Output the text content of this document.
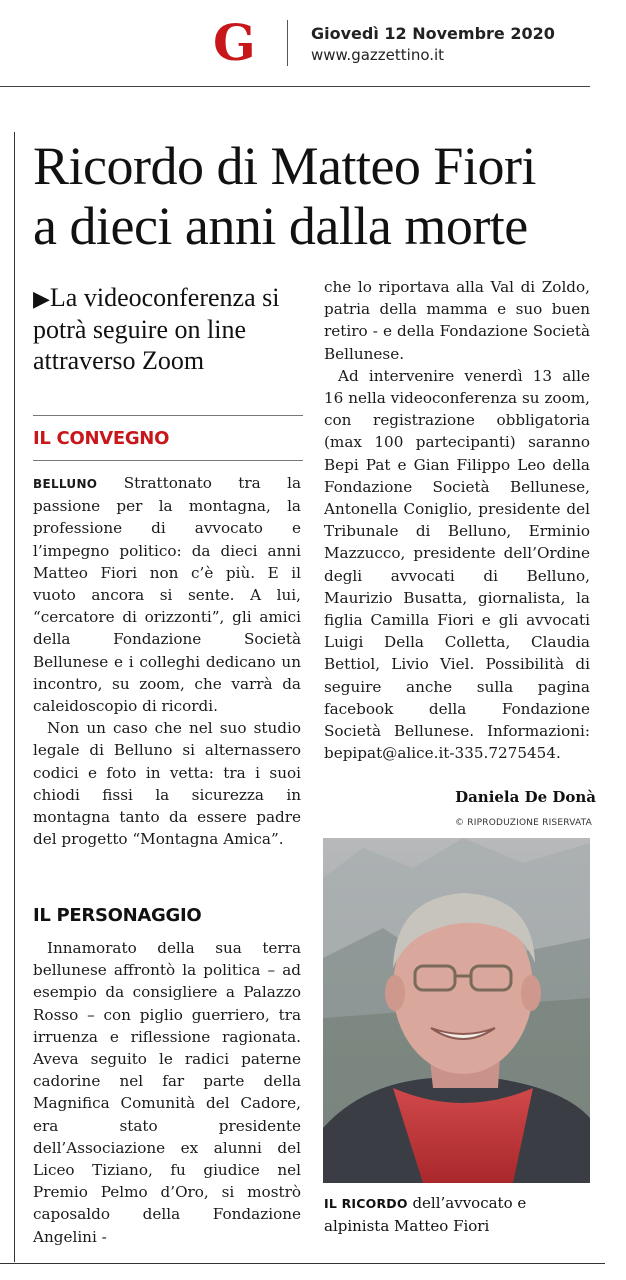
G	Giovedì 12 Novembre 2020
www.gazzettino.it
Ricordo di Matteo Fiori
a dieci anni dalla morte
▶La videoconferenza si potrà seguire on line attraverso Zoom
IL CONVEGNO

BELLUNO Strattonato tra la passione per la montagna, la professione di avvocato e l’impegno politico: da dieci anni Matteo Fiori non c’è più. E il vuoto ancora si sente. A lui, “cercatore di orizzonti”, gli amici della Fondazione Società Bellunese e i colleghi dedicano un incontro, su zoom, che varrà da caleidoscopio di ricordi.

Non un caso che nel suo studio legale di Belluno si alternassero codici e foto in vetta: tra i suoi chiodi fissi la sicurezza in montagna tanto da essere padre del progetto “Montagna Amica”.

IL PERSONAGGIO

Innamorato della sua terra bellunese affrontò la politica – ad esempio da consigliere a Palazzo Rosso – con piglio guerriero, tra irruenza e riflessione ragionata. Aveva seguito le radici paterne cadorine nel far parte della Magnifica Comunità del Cadore, era stato presidente dell’Associazione ex alunni del Liceo Tiziano, fu giudice nel Premio Pelmo d’Oro, si mostrò caposaldo della Fondazione Angelini -

che lo riportava alla Val di Zoldo, patria della mamma e suo buen retiro - e della Fondazione Società Bellunese.

Ad intervenire venerdì 13 alle 16 nella videoconferenza su zoom, con registrazione obbligatoria (max 100 partecipanti) saranno Bepi Pat e Gian Filippo Leo della Fondazione Società Bellunese, Antonella Coniglio, presidente del Tribunale di Belluno, Erminio Mazzucco, presidente dell’Ordine degli avvocati di Belluno, Maurizio Busatta, giornalista, la figlia Camilla Fiori e gli avvocati Luigi Della Colletta, Claudia Bettiol, Livio Viel. Possibilità di seguire anche sulla pagina facebook della Fondazione Società Bellunese. Informazioni: bepipat@alice.it-335.7275454.

Daniela De Donà
© RIPRODUZIONE RISERVATA
IL RICORDO dell’avvocato e alpinista Matteo Fiori
